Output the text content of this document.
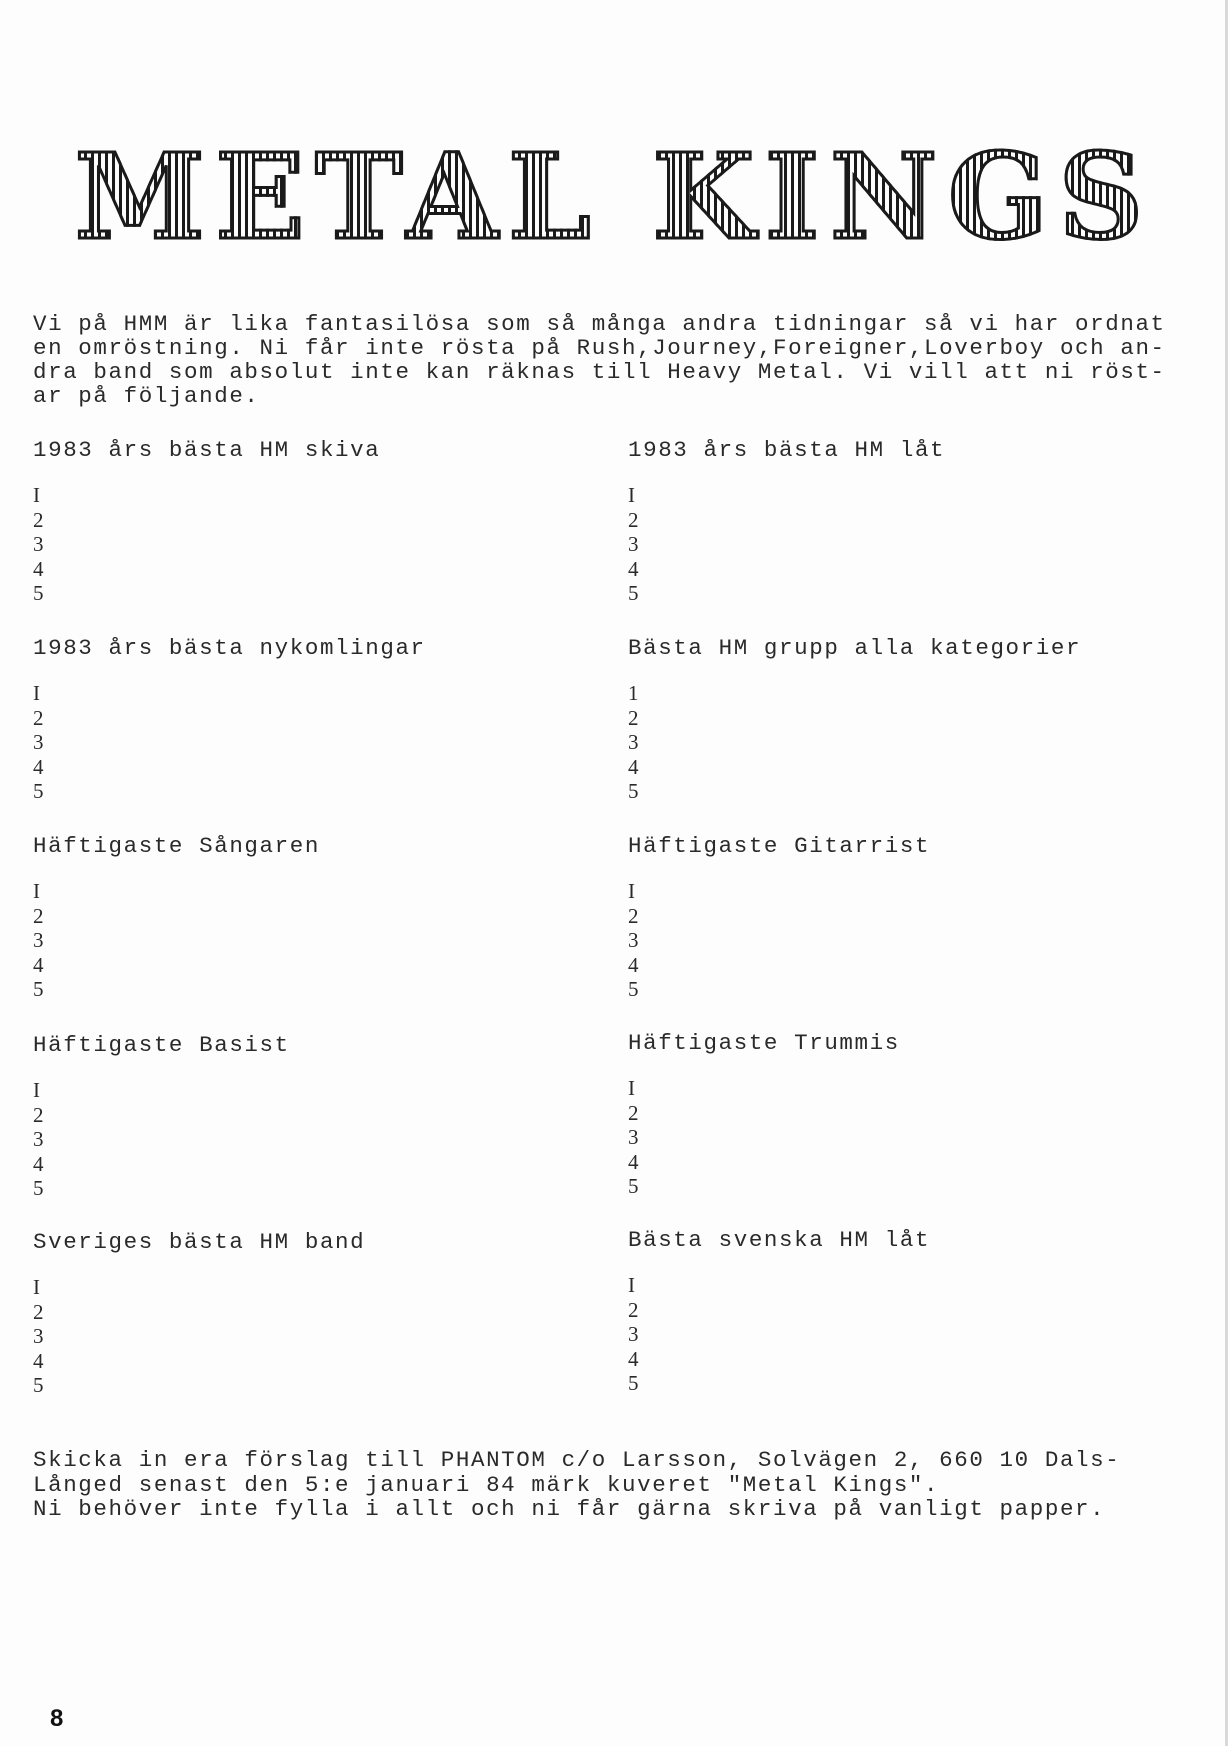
METAL KINGS

Vi på HMM är lika fantasilösa som så många andra tidningar så vi har ordnat
en omröstning. Ni får inte rösta på Rush,Journey,Foreigner,Loverboy och an-
dra band som absolut inte kan räknas till Heavy Metal. Vi vill att ni röst-
ar på följande.

1983 års bästa HM skiva
I
2
3
4
5
1983 års bästa nykomlingar
I
2
3
4
5
Häftigaste Sångaren
I
2
3
4
5
Häftigaste Basist
I
2
3
4
5
Sveriges bästa HM band
I
2
3
4
5
1983 års bästa HM låt
I
2
3
4
5
Bästa HM grupp alla kategorier
1
2
3
4
5
Häftigaste Gitarrist
I
2
3
4
5
Häftigaste Trummis
I
2
3
4
5
Bästa svenska HM låt
I
2
3
4
5

Skicka in era förslag till PHANTOM c/o Larsson, Solvägen 2, 660 10 Dals-
Långed senast den 5:e januari 84 märk kuveret "Metal Kings".
Ni behöver inte fylla i allt och ni får gärna skriva på vanligt papper.

8
